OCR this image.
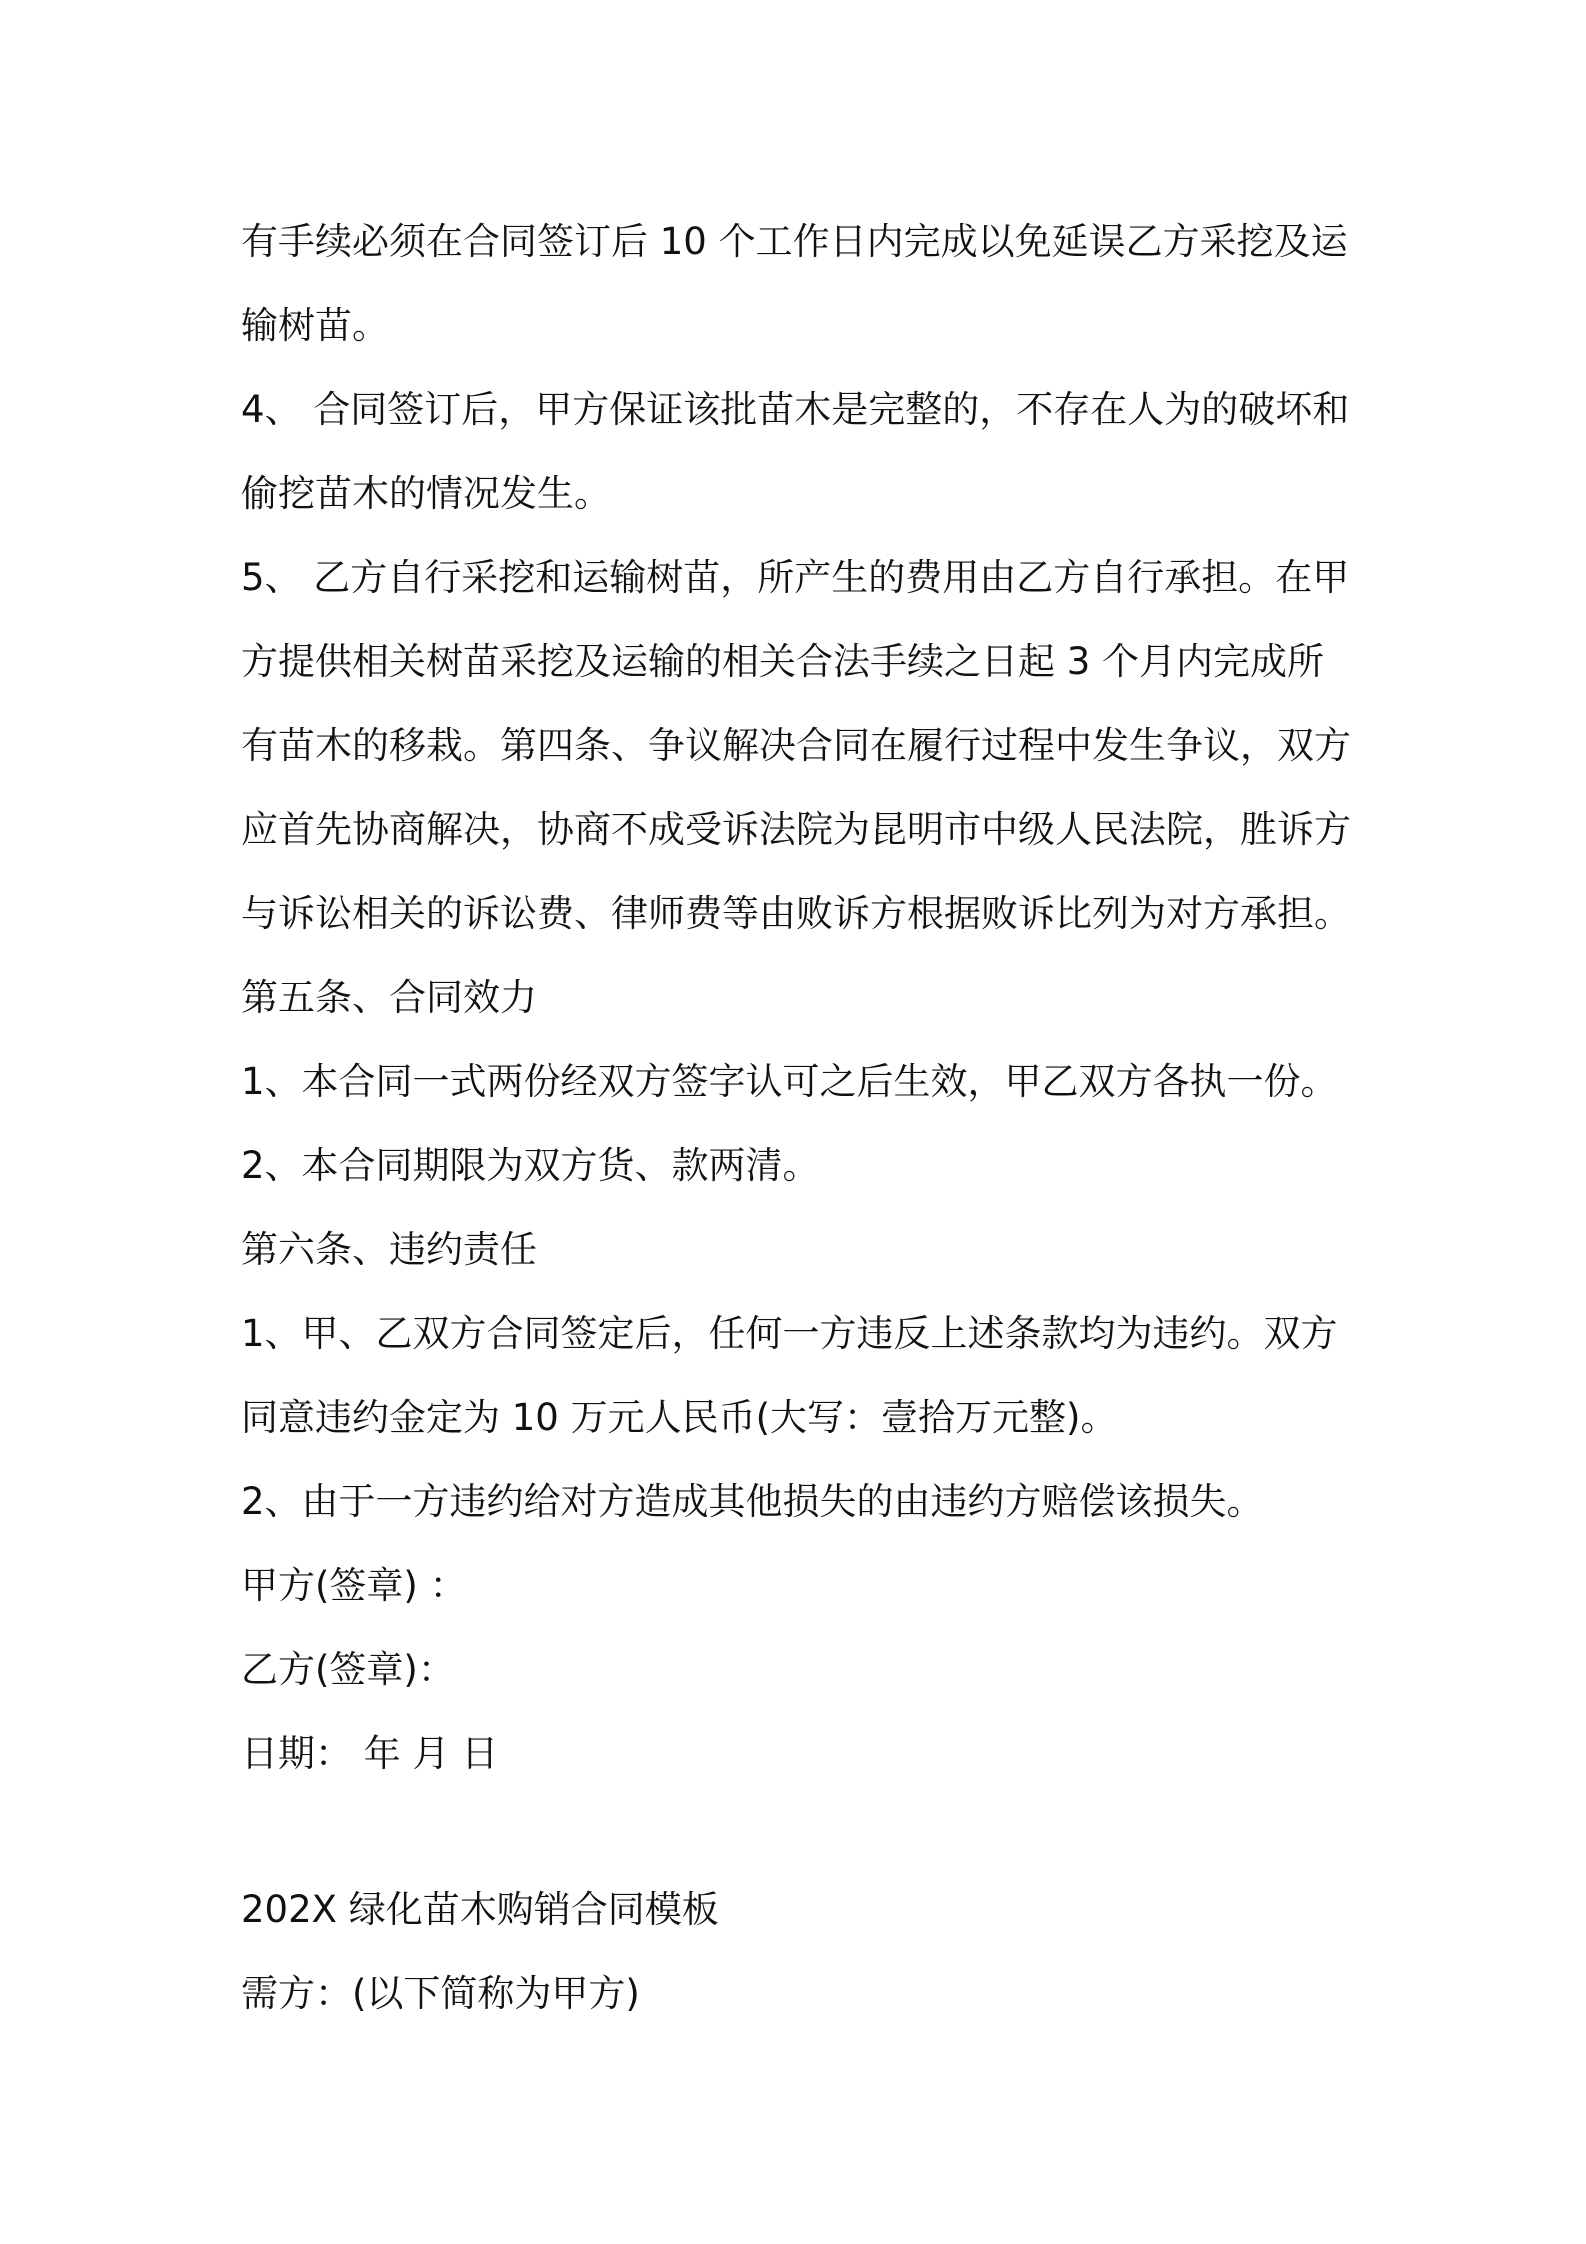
有手续必须在合同签订后 10 个工作日内完成以免延误乙方采挖及运
输树苗。
4、 合同签订后，甲方保证该批苗木是完整的，不存在人为的破坏和
偷挖苗木的情况发生。
5、 乙方自行采挖和运输树苗，所产生的费用由乙方自行承担。在甲
方提供相关树苗采挖及运输的相关合法手续之日起 3 个月内完成所
有苗木的移栽。第四条、争议解决合同在履行过程中发生争议，双方
应首先协商解决，协商不成受诉法院为昆明市中级人民法院，胜诉方
与诉讼相关的诉讼费、律师费等由败诉方根据败诉比列为对方承担。
第五条、合同效力
1、本合同一式两份经双方签字认可之后生效，甲乙双方各执一份。
2、本合同期限为双方货、款两清。
第六条、违约责任
1、甲、乙双方合同签定后，任何一方违反上述条款均为违约。双方
同意违约金定为 10 万元人民币(大写：壹拾万元整)。
2、由于一方违约给对方造成其他损失的由违约方赔偿该损失。
甲方(签章) ：
乙方(签章)：
日期： 年 月 日
202X 绿化苗木购销合同模板
需方：(以下简称为甲方)
